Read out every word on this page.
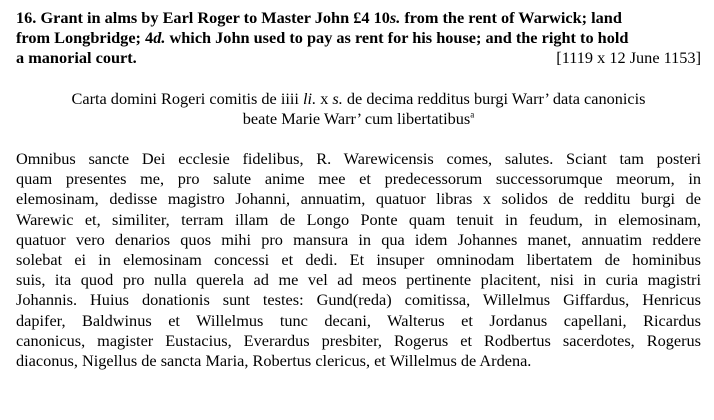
16. Grant in alms by Earl Roger to Master John £4 10s. from the rent of Warwick; land
from Longbridge; 4d. which John used to pay as rent for his house; and the right to hold
a manorial court.	[1119 x 12 June 1153]
Carta domini Rogeri comitis de iiii li. x s. de decima redditus burgi Warr’ data canonicis
beate Marie Warr’ cum libertatibus$^a$
Omnibus sancte Dei ecclesie fidelibus, R. Warewicensis comes, salutes. Sciant tam posteri
quam presentes me, pro salute anime mee et predecessorum successorumque meorum, in
elemosinam, dedisse magistro Johanni, annuatim, quatuor libras x solidos de redditu burgi de
Warewic et, similiter, terram illam de Longo Ponte quam tenuit in feudum, in elemosinam,
quatuor vero denarios quos mihi pro mansura in qua idem Johannes manet, annuatim reddere
solebat ei in elemosinam concessi et dedi. Et insuper omninodam libertatem de hominibus
suis, ita quod pro nulla querela ad me vel ad meos pertinente placitent, nisi in curia magistri
Johannis. Huius donationis sunt testes: Gund(reda) comitissa, Willelmus Giffardus, Henricus
dapifer, Baldwinus et Willelmus tunc decani, Walterus et Jordanus capellani, Ricardus
canonicus, magister Eustacius, Everardus presbiter, Rogerus et Rodbertus sacerdotes, Rogerus
diaconus, Nigellus de sancta Maria, Robertus clericus, et Willelmus de Ardena.
